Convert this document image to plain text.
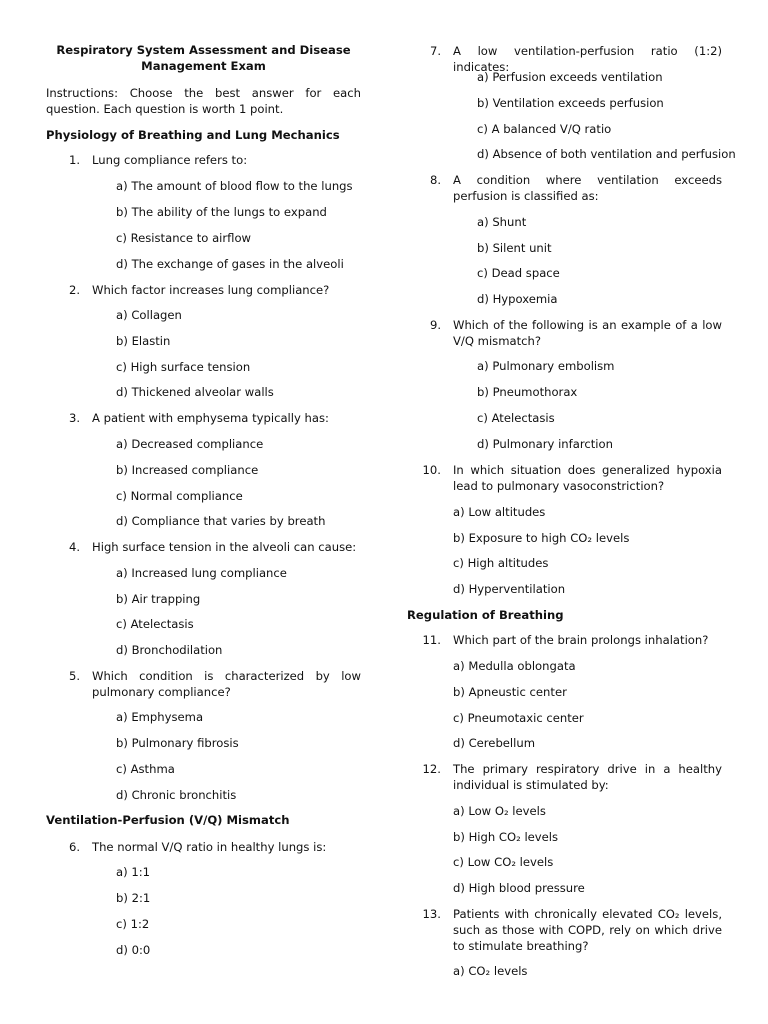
Respiratory System Assessment and Disease Management Exam
Instructions: Choose the best answer for each question. Each question is worth 1 point.
Physiology of Breathing and Lung Mechanics
1. Lung compliance refers to:
a) The amount of blood flow to the lungs
b) The ability of the lungs to expand
c) Resistance to airflow
d) The exchange of gases in the alveoli
2. Which factor increases lung compliance?
a) Collagen
b) Elastin
c) High surface tension
d) Thickened alveolar walls
3. A patient with emphysema typically has:
a) Decreased compliance
b) Increased compliance
c) Normal compliance
d) Compliance that varies by breath
4. High surface tension in the alveoli can cause:
a) Increased lung compliance
b) Air trapping
c) Atelectasis
d) Bronchodilation
5. Which condition is characterized by low pulmonary compliance?
a) Emphysema
b) Pulmonary fibrosis
c) Asthma
d) Chronic bronchitis
Ventilation-Perfusion (V/Q) Mismatch
6. The normal V/Q ratio in healthy lungs is:
a) 1:1
b) 2:1
c) 1:2
d) 0:0
7. A low ventilation-perfusion ratio (1:2) indicates:
a) Perfusion exceeds ventilation
b) Ventilation exceeds perfusion
c) A balanced V/Q ratio
d) Absence of both ventilation and perfusion
8. A condition where ventilation exceeds perfusion is classified as:
a) Shunt
b) Silent unit
c) Dead space
d) Hypoxemia
9. Which of the following is an example of a low V/Q mismatch?
a) Pulmonary embolism
b) Pneumothorax
c) Atelectasis
d) Pulmonary infarction
10. In which situation does generalized hypoxia lead to pulmonary vasoconstriction?
a) Low altitudes
b) Exposure to high CO₂ levels
c) High altitudes
d) Hyperventilation
Regulation of Breathing
11. Which part of the brain prolongs inhalation?
a) Medulla oblongata
b) Apneustic center
c) Pneumotaxic center
d) Cerebellum
12. The primary respiratory drive in a healthy individual is stimulated by:
a) Low O₂ levels
b) High CO₂ levels
c) Low CO₂ levels
d) High blood pressure
13. Patients with chronically elevated CO₂ levels, such as those with COPD, rely on which drive to stimulate breathing?
a) CO₂ levels
